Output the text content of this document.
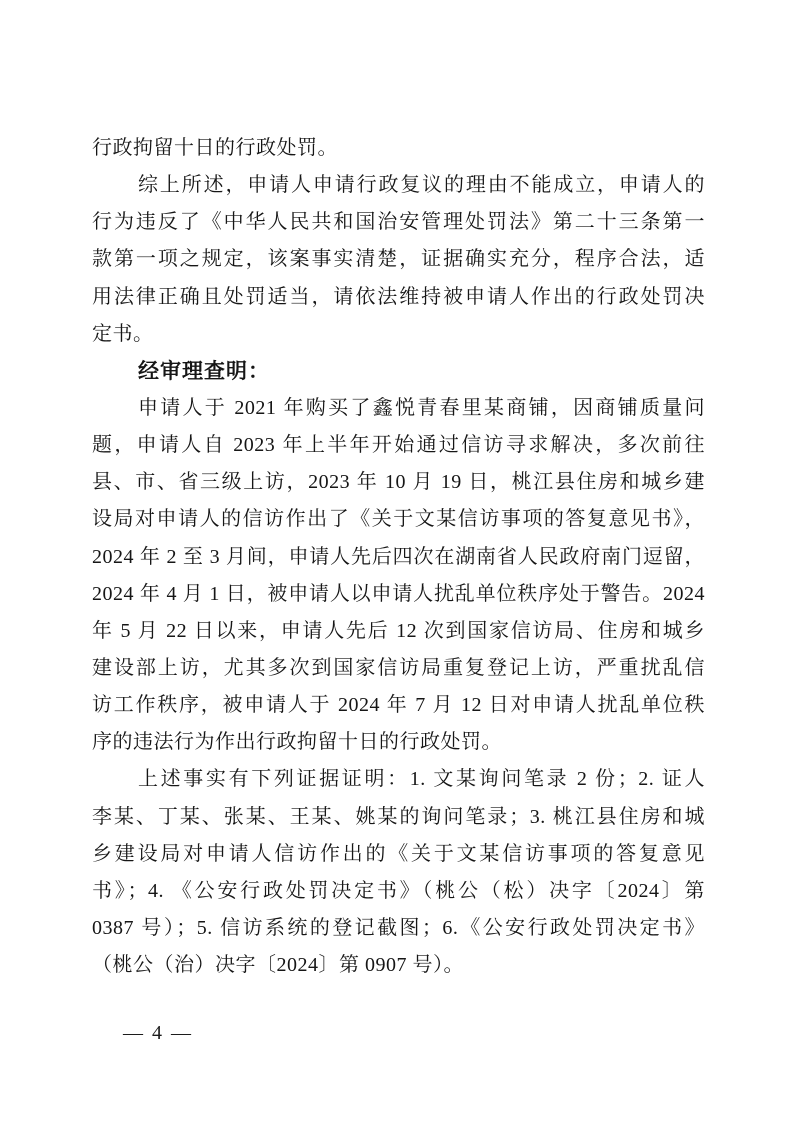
行政拘留十日的行政处罚。
综上所述，申请人申请行政复议的理由不能成立，申请人的
行为违反了《中华人民共和国治安管理处罚法》第二十三条第一
款第一项之规定，该案事实清楚，证据确实充分，程序合法，适
用法律正确且处罚适当，请依法维持被申请人作出的行政处罚决
定书。
经审理查明：
申请人于 2021 年购买了鑫悦青春里某商铺，因商铺质量问
题，申请人自 2023 年上半年开始通过信访寻求解决，多次前往
县、市、省三级上访，2023 年 10 月 19 日，桃江县住房和城乡建
设局对申请人的信访作出了《关于文某信访事项的答复意见书》，
2024 年 2 至 3 月间，申请人先后四次在湖南省人民政府南门逗留，
2024 年 4 月 1 日，被申请人以申请人扰乱单位秩序处于警告。2024
年 5 月 22 日以来，申请人先后 12 次到国家信访局、住房和城乡
建设部上访，尤其多次到国家信访局重复登记上访，严重扰乱信
访工作秩序，被申请人于 2024 年 7 月 12 日对申请人扰乱单位秩
序的违法行为作出行政拘留十日的行政处罚。
上述事实有下列证据证明：1. 文某询问笔录 2 份；2. 证人
李某、丁某、张某、王某、姚某的询问笔录；3. 桃江县住房和城
乡建设局对申请人信访作出的《关于文某信访事项的答复意见
书》；4. 《公安行政处罚决定书》（桃公（松）决字〔2024〕第
0387 号）；5. 信访系统的登记截图；6.《公安行政处罚决定书》
（桃公（治）决字〔2024〕第 0907 号）。
— 4 —
